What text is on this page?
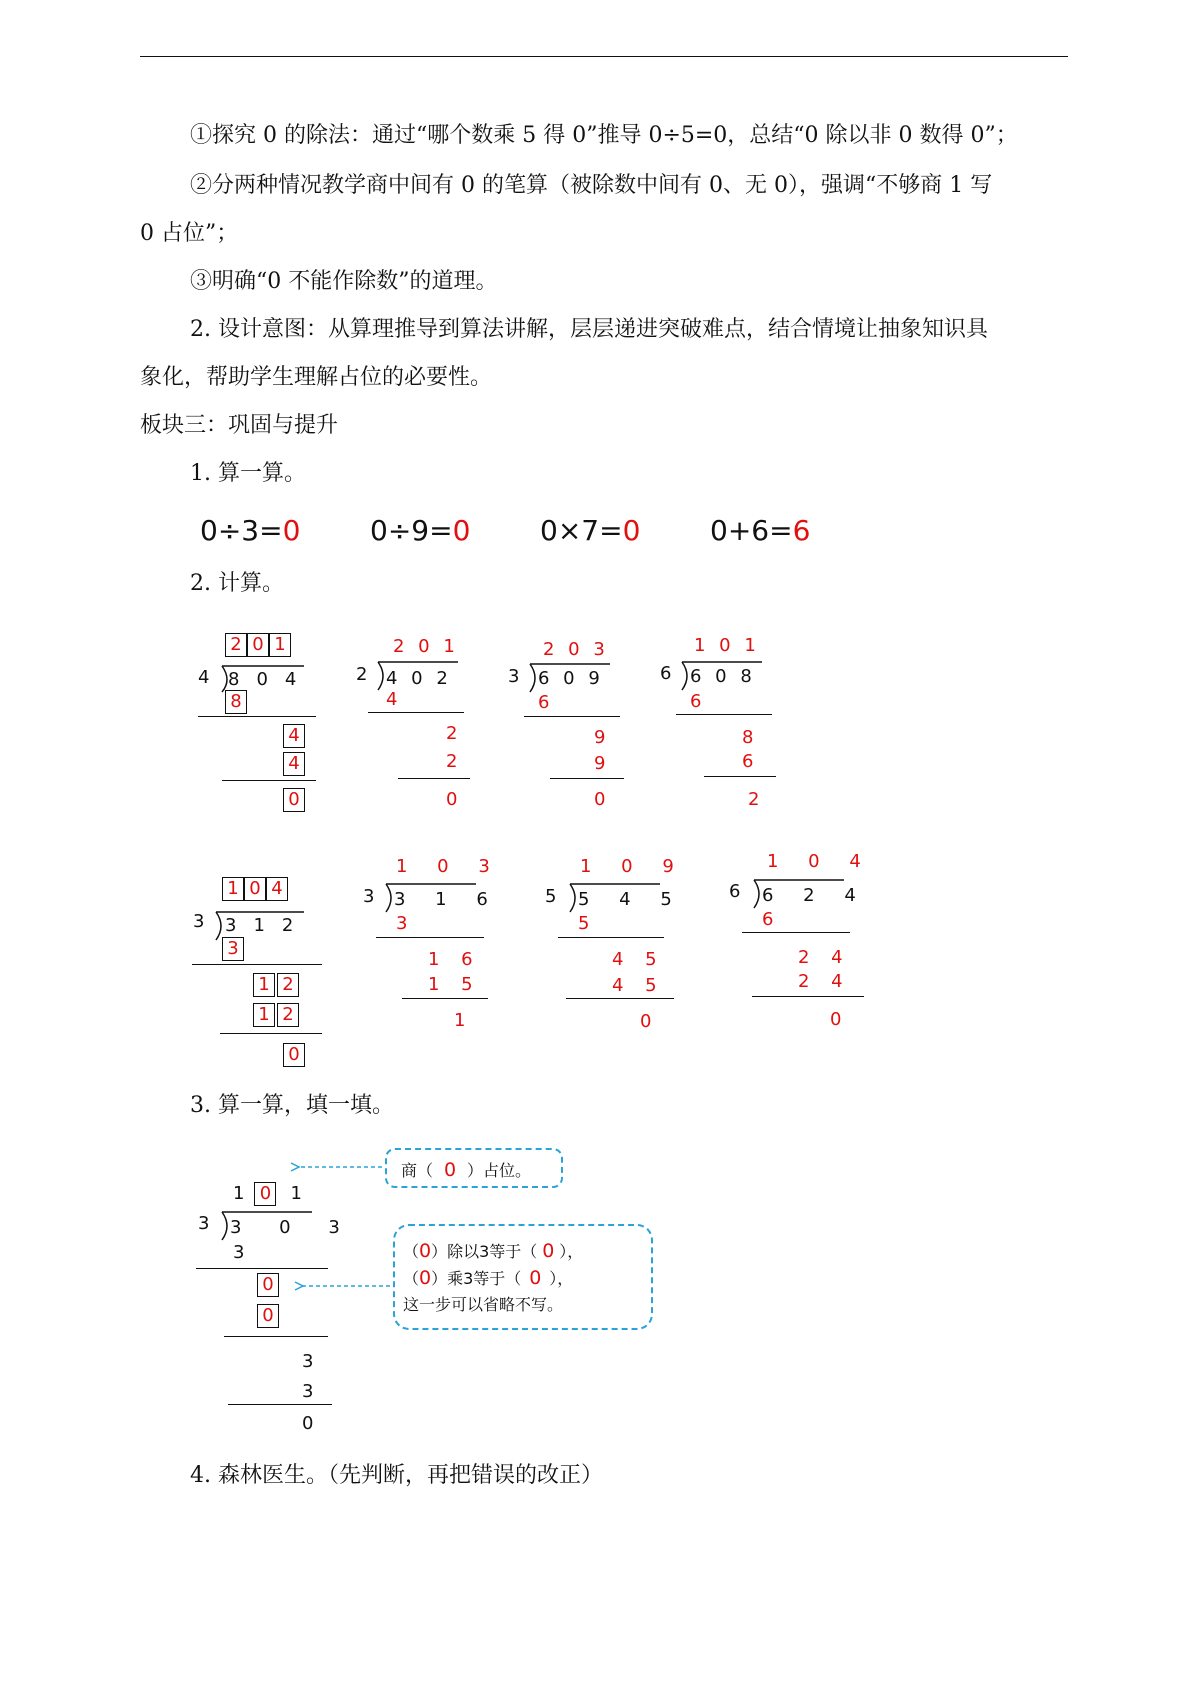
①探究 0 的除法：通过“哪个数乘 5 得 0”推导 0÷5=0，总结“0 除以非 0 数得 0”；
②分两种情况教学商中间有 0 的笔算（被除数中间有 0、无 0），强调“不够商 1 写
0 占位”；
③明确“0 不能作除数”的道理。
2. 设计意图：从算理推导到算法讲解，层层递进突破难点，结合情境让抽象知识具
象化，帮助学生理解占位的必要性。
板块三：巩固与提升
1. 算一算。
0÷3=0 0÷9=0 0×7=0 0+6=6
2. 计算。
2 0 1
4 804
8
4
4
0
2 0 1
2 4 0 2
4
2
2
0
2 0 3
3 6 0 9
6
9
9
0
1 0 1
6 6 0 8
6
8
6
2
1 0 4
3 312
3
1 2
1 2
0
1 0 3
3 3 1 6
3
1 6
1 5
1
1 0 9
5 5 4 5
5
4 5
4 5
0
1 0 4
6 6 2 4
6
2 4
2 4
0
3. 算一算，填一填。
1 0 1
3 3 0 3
3
0
0
3
3
0
商（ 0 ）占位。
（0）除以3等于（ 0 ），
（0）乘3等于（ 0 ），
这一步可以省略不写。
4. 森林医生。（先判断，再把错误的改正）
